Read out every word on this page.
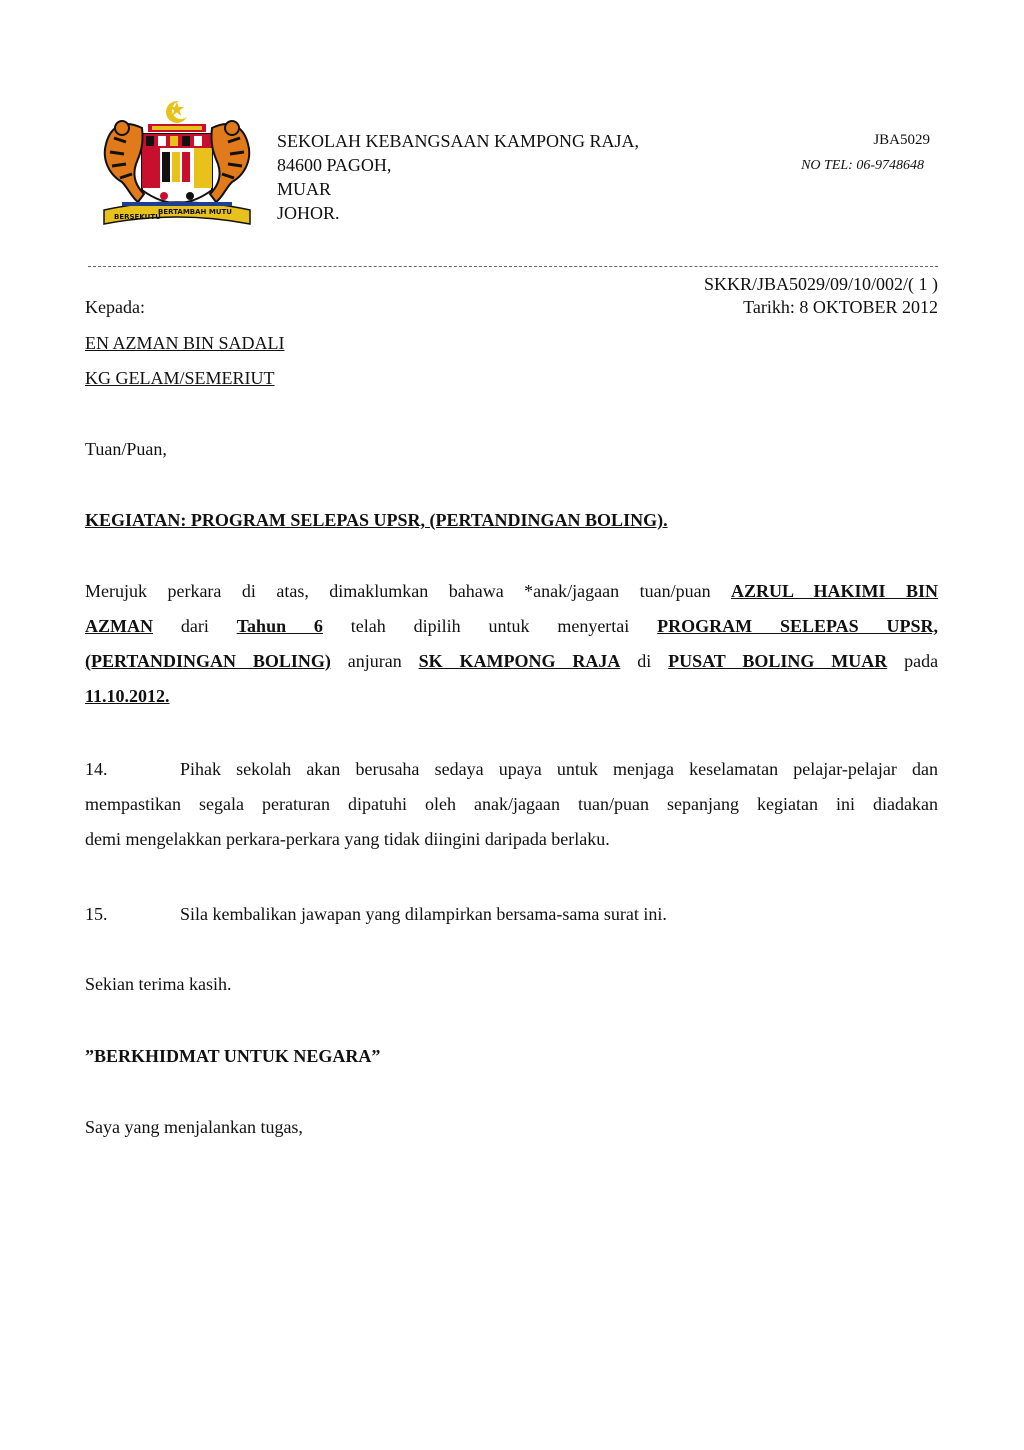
BERSEKUTU
BERTAMBAH MUTU
SEKOLAH KEBANGSAAN KAMPONG RAJA,
84600 PAGOH,
MUAR
JOHOR.
JBA5029
NO TEL: 06-9748648
SKKR/JBA5029/09/10/002/( 1 )
Tarikh: 8 OKTOBER 2012
Kepada:
EN AZMAN BIN SADALI
KG GELAM/SEMERIUT
Tuan/Puan,
KEGIATAN: PROGRAM SELEPAS UPSR, (PERTANDINGAN BOLING).
Merujuk perkara di atas, dimaklumkan bahawa *anak/jagaan tuan/puan AZRUL HAKIMI BIN
AZMAN dari Tahun 6 telah dipilih untuk menyertai PROGRAM SELEPAS UPSR,
(PERTANDINGAN BOLING) anjuran SK KAMPONG RAJA di PUSAT BOLING MUAR pada
11.10.2012.
14.	Pihak sekolah akan berusaha sedaya upaya untuk menjaga keselamatan pelajar-pelajar dan
mempastikan segala peraturan dipatuhi oleh anak/jagaan tuan/puan sepanjang kegiatan ini diadakan
demi mengelakkan perkara-perkara yang tidak diingini daripada berlaku.
15.	Sila kembalikan jawapan yang dilampirkan bersama-sama surat ini.
Sekian terima kasih.
”BERKHIDMAT UNTUK NEGARA”
Saya yang menjalankan tugas,
